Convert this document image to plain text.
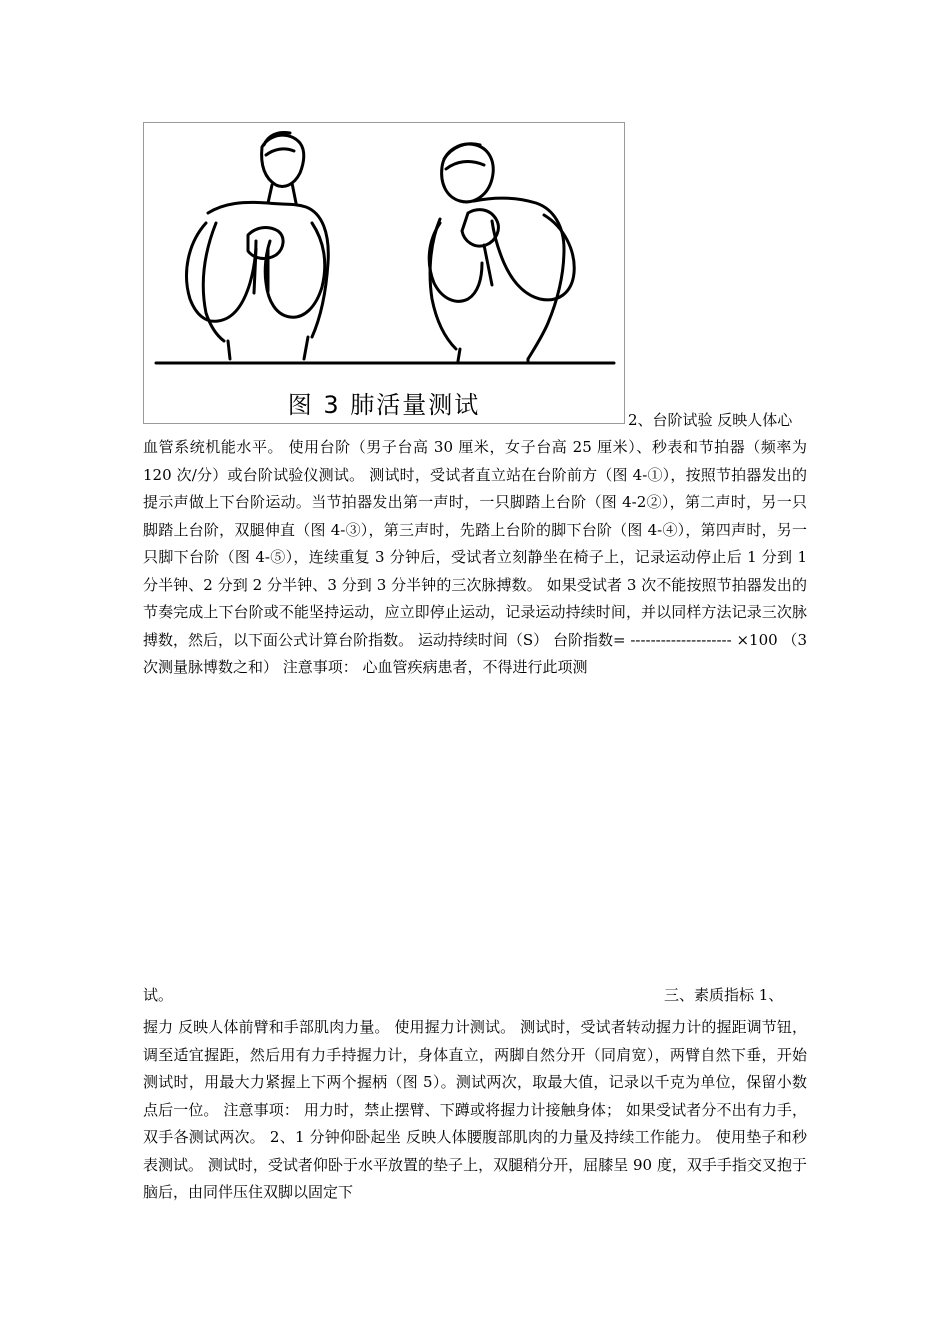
图 3 肺活量测试
2、台阶试验 反映人体心
血管系统机能水平。 使用台阶（男子台高 30 厘米，女子台高 25 厘米）、秒表和节拍器（频率为 120 次/分）或台阶试验仪测试。 测试时，受试者直立站在台阶前方（图 4-①），按照节拍器发出的提示声做上下台阶运动。当节拍器发出第一声时，一只脚踏上台阶（图 4-2②），第二声时，另一只脚踏上台阶，双腿伸直（图 4-③），第三声时，先踏上台阶的脚下台阶（图 4-④），第四声时，另一只脚下台阶（图 4-⑤），连续重复 3 分钟后，受试者立刻静坐在椅子上，记录运动停止后 1 分到 1 分半钟、2 分到 2 分半钟、3 分到 3 分半钟的三次脉搏数。 如果受试者 3 次不能按照节拍器发出的节奏完成上下台阶或不能坚持运动，应立即停止运动，记录运动持续时间，并以同样方法记录三次脉搏数，然后，以下面公式计算台阶指数。 运动持续时间（S） 台阶指数= -------------------- ×100 （3 次测量脉博数之和） 注意事项： 心血管疾病患者，不得进行此项测
试。	三、素质指标 1、
握力 反映人体前臂和手部肌肉力量。 使用握力计测试。 测试时，受试者转动握力计的握距调节钮，调至适宜握距，然后用有力手持握力计，身体直立，两脚自然分开（同肩宽），两臂自然下垂，开始测试时，用最大力紧握上下两个握柄（图 5）。测试两次，取最大值，记录以千克为单位，保留小数点后一位。 注意事项： 用力时，禁止摆臂、下蹲或将握力计接触身体； 如果受试者分不出有力手，双手各测试两次。 2、1 分钟仰卧起坐 反映人体腰腹部肌肉的力量及持续工作能力。 使用垫子和秒表测试。 测试时，受试者仰卧于水平放置的垫子上，双腿稍分开，屈膝呈 90 度，双手手指交叉抱于脑后，由同伴压住双脚以固定下
